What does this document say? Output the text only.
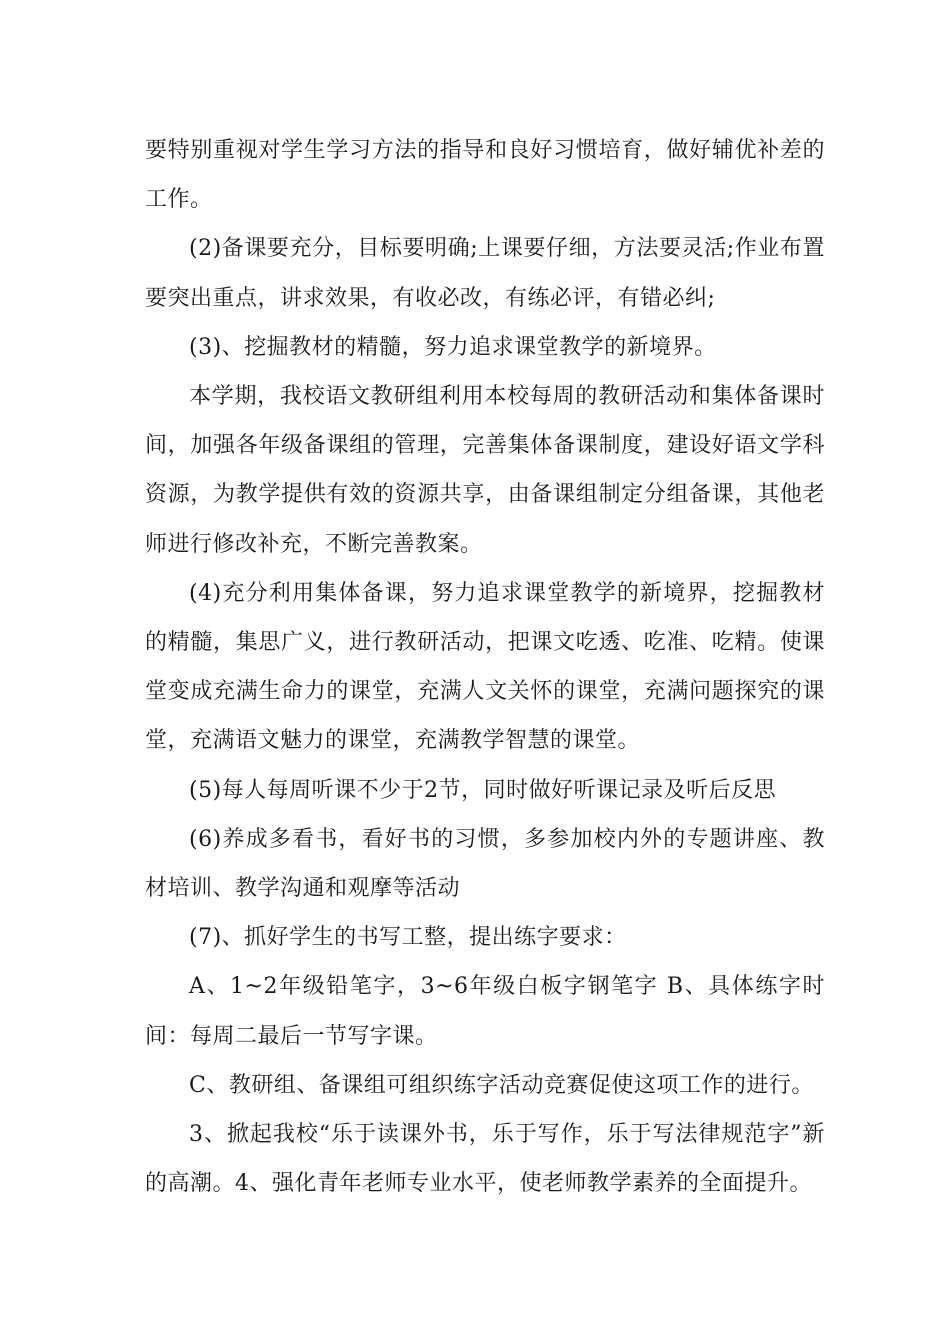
要特别重视对学生学习方法的指导和良好习惯培育，做好辅优补差的工作。

(2)备课要充分，目标要明确;上课要仔细，方法要灵活;作业布置要突出重点，讲求效果，有收必改，有练必评，有错必纠;

(3)、挖掘教材的精髓，努力追求课堂教学的新境界。

本学期，我校语文教研组利用本校每周的教研活动和集体备课时间，加强各年级备课组的管理，完善集体备课制度，建设好语文学科资源，为教学提供有效的资源共享，由备课组制定分组备课，其他老师进行修改补充，不断完善教案。

(4)充分利用集体备课，努力追求课堂教学的新境界，挖掘教材的精髓，集思广义，进行教研活动，把课文吃透、吃准、吃精。使课堂变成充满生命力的课堂，充满人文关怀的课堂，充满问题探究的课堂，充满语文魅力的课堂，充满教学智慧的课堂。

(5)每人每周听课不少于2节，同时做好听课记录及听后反思

(6)养成多看书，看好书的习惯，多参加校内外的专题讲座、教材培训、教学沟通和观摩等活动

(7)、抓好学生的书写工整，提出练字要求：

A、1~2年级铅笔字，3~6年级白板字钢笔字 B、具体练字时间：每周二最后一节写字课。

C、教研组、备课组可组织练字活动竞赛促使这项工作的进行。

3、掀起我校“乐于读课外书，乐于写作，乐于写法律规范字”新的高潮。4、强化青年老师专业水平，使老师教学素养的全面提升。
